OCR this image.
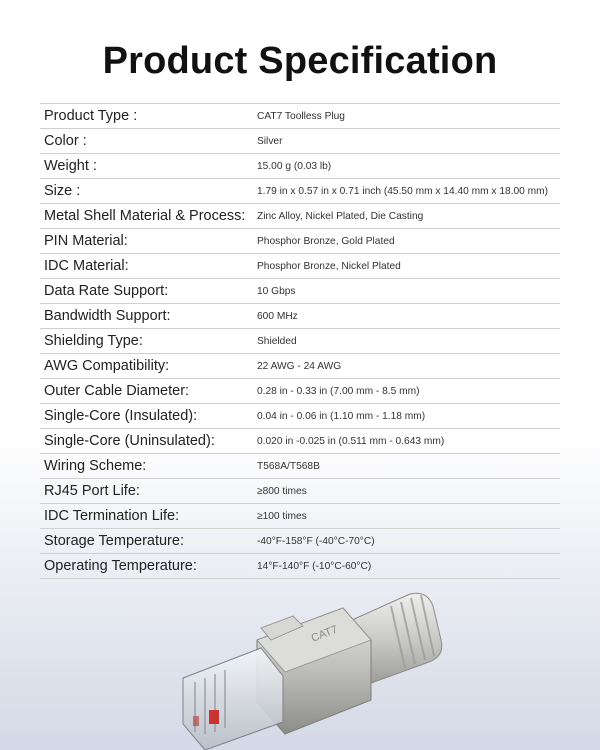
Product Specification
Product Type :	CAT7 Toolless Plug
Color :	Silver
Weight :	15.00 g (0.03 lb)
Size :	1.79 in x 0.57 in x 0.71 inch (45.50 mm x 14.40 mm x 18.00 mm)
Metal Shell Material & Process:	Zinc Alloy, Nickel Plated, Die Casting
PIN Material:	Phosphor Bronze, Gold Plated
IDC Material:	Phosphor Bronze, Nickel Plated
Data Rate Support:	10 Gbps
Bandwidth Support:	600 MHz
Shielding Type:	Shielded
AWG Compatibility:	22 AWG - 24 AWG
Outer Cable Diameter:	0.28 in - 0.33 in (7.00 mm - 8.5 mm)
Single-Core (Insulated):	0.04 in - 0.06 in (1.10 mm - 1.18 mm)
Single-Core (Uninsulated):	0.020 in -0.025 in (0.511 mm - 0.643 mm)
Wiring Scheme:	T568A/T568B
RJ45 Port Life:	≥800 times
IDC Termination Life:	≥100 times
Storage Temperature:	-40°F-158°F (-40°C-70°C)
Operating Temperature:	14°F-140°F (-10°C-60°C)
CAT7
